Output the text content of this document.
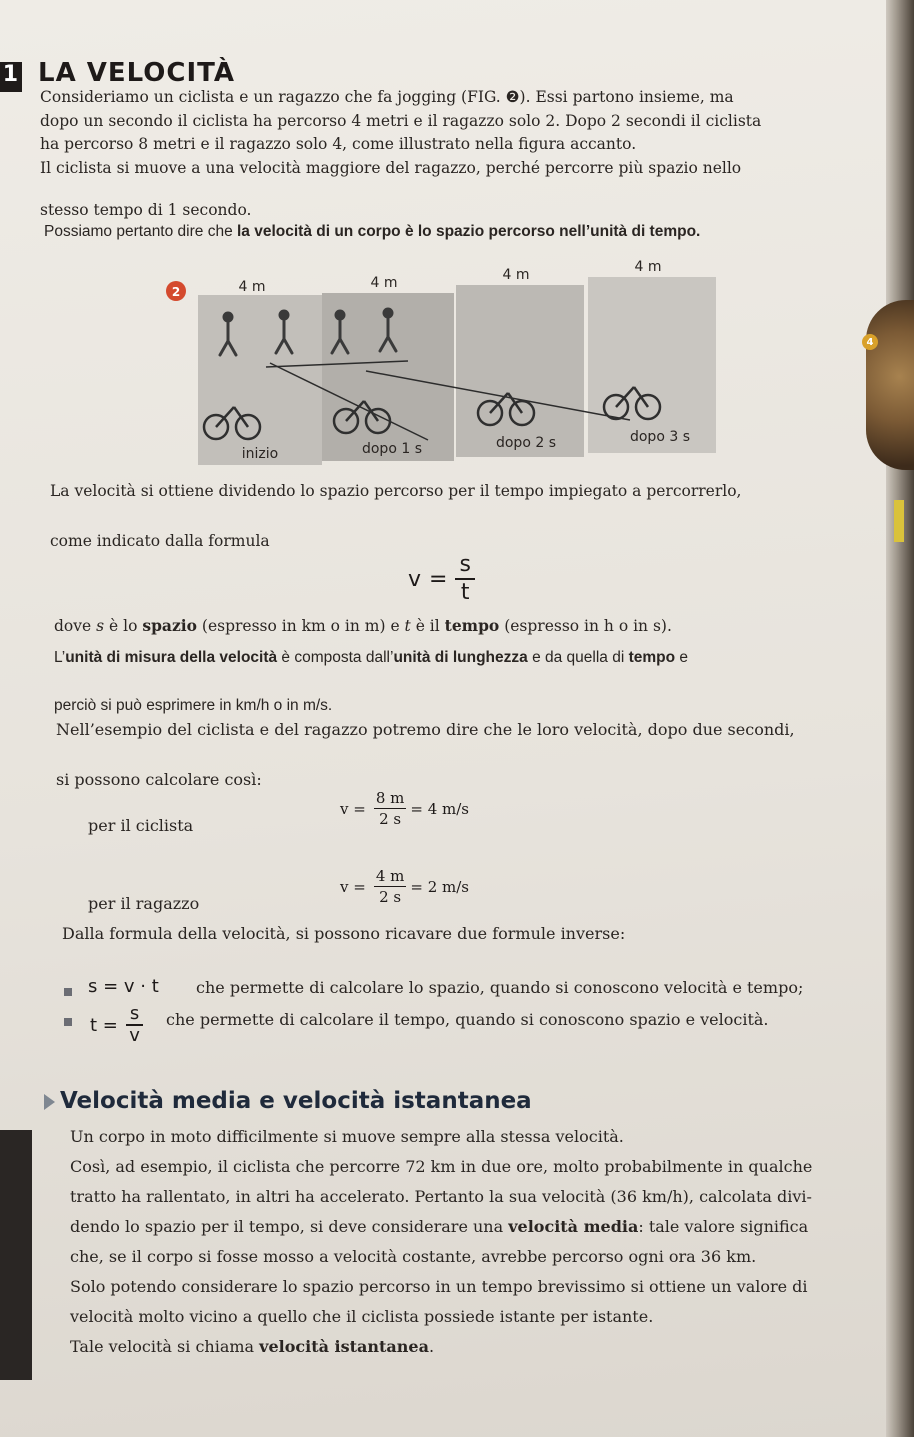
1 LA VELOCITÀ

Consideriamo un ciclista e un ragazzo che fa jogging (FIG. ❷). Essi partono insieme, ma

dopo un secondo il ciclista ha percorso 4 metri e il ragazzo solo 2. Dopo 2 secondi il ciclista

ha percorso 8 metri e il ragazzo solo 4, come illustrato nella figura accanto.

Il ciclista si muove a una velocità maggiore del ragazzo, perché percorre più spazio nello

stesso tempo di 1 secondo.

Possiamo pertanto dire che la velocità di un corpo è lo spazio percorso nell’unità di tempo.

2	4 m	4 m	4 m	4 m
inizio	dopo 1 s	dopo 2 s	dopo 3 s

La velocità si ottiene dividendo lo spazio percorso per il tempo impiegato a percorrerlo,

come indicato dalla formula

$v = \frac{s}{t}$

dove s è lo spazio (espresso in km o in m) e t è il tempo (espresso in h o in s).

L’unità di misura della velocità è composta dall’unità di lunghezza e da quella di tempo e

perciò si può esprimere in km/h o in m/s.

Nell’esempio del ciclista e del ragazzo potremo dire che le loro velocità, dopo due secondi,

si possono calcolare così:

per il ciclista

$v = \frac{8 m}{2 s} = 4$ m/s

per il ragazzo

$v = \frac{4 m}{2 s} = 2$ m/s

Dalla formula della velocità, si possono ricavare due formule inverse:

s = v · t che permette di calcolare lo spazio, quando si conoscono velocità e tempo;

$t = \frac{s}{v}$ che permette di calcolare il tempo, quando si conoscono spazio e velocità.

Velocità media e velocità istantanea
Un corpo in moto difficilmente si muove sempre alla stessa velocità.
Così, ad esempio, il ciclista che percorre 72 km in due ore, molto probabilmente in qualche
tratto ha rallentato, in altri ha accelerato. Pertanto la sua velocità (36 km/h), calcolata divi-
dendo lo spazio per il tempo, si deve considerare una velocità media: tale valore significa
che, se il corpo si fosse mosso a velocità costante, avrebbe percorso ogni ora 36 km.
Solo potendo considerare lo spazio percorso in un tempo brevissimo si ottiene un valore di
velocità molto vicino a quello che il ciclista possiede istante per istante.
Tale velocità si chiama velocità istantanea.
4
